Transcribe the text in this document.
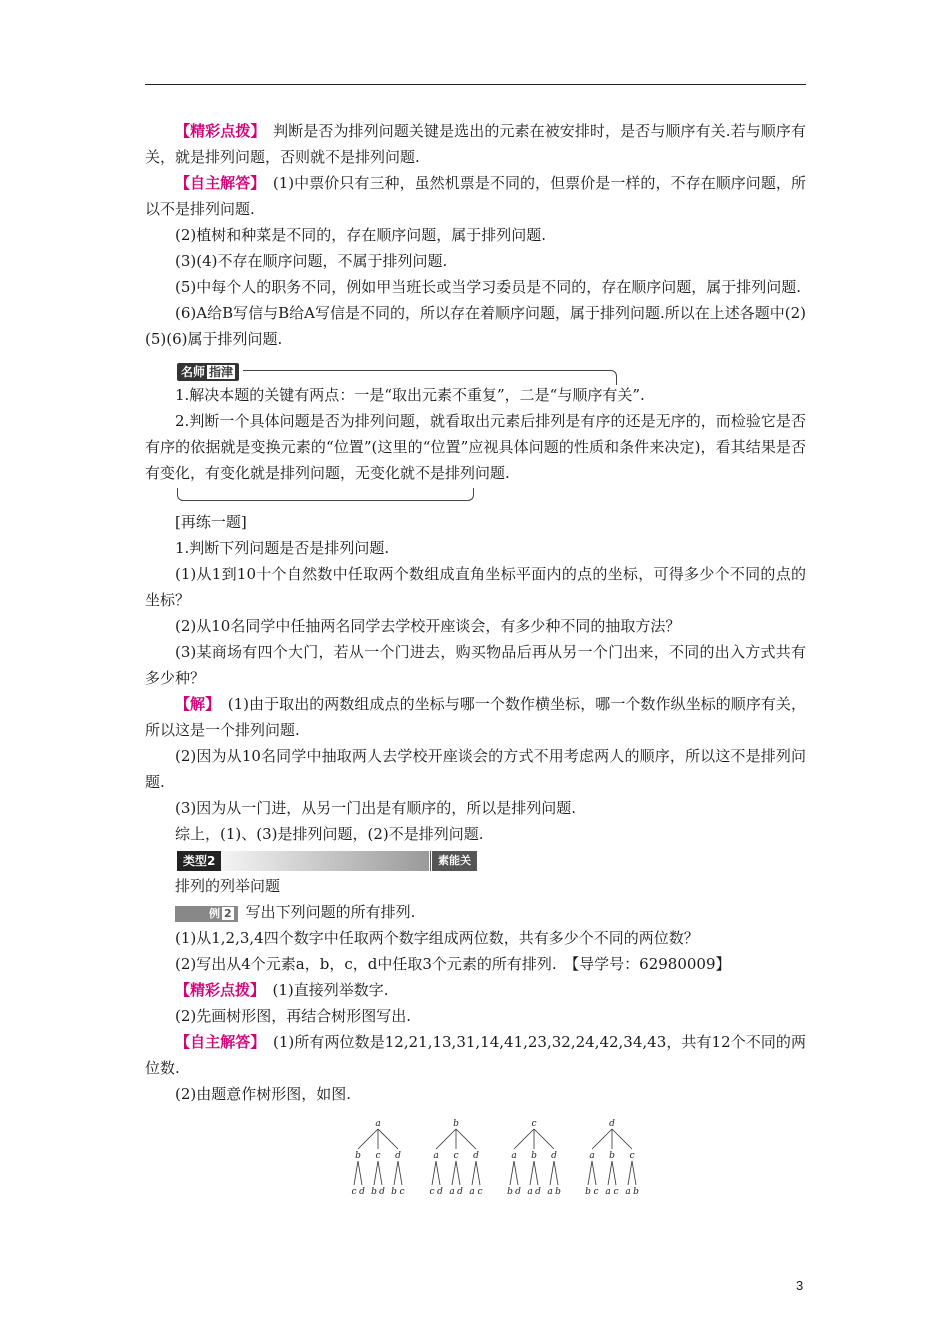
【精彩点拨】　判断是否为排列问题关键是选出的元素在被安排时，是否与顺序有关.若与顺序有关，就是排列问题，否则就不是排列问题.

【自主解答】　(1)中票价只有三种，虽然机票是不同的，但票价是一样的，不存在顺序问题，所以不是排列问题.

(2)植树和种菜是不同的，存在顺序问题，属于排列问题.

(3)(4)不存在顺序问题，不属于排列问题.

(5)中每个人的职务不同，例如甲当班长或当学习委员是不同的，存在顺序问题，属于排列问题.

(6)A给B写信与B给A写信是不同的，所以存在着顺序问题，属于排列问题.所以在上述各题中(2)(5)(6)属于排列问题.

名师 指津

1.解决本题的关键有两点：一是“取出元素不重复”，二是“与顺序有关”.

2.判断一个具体问题是否为排列问题，就看取出元素后排列是有序的还是无序的，而检验它是否有序的依据就是变换元素的“位置”(这里的“位置”应视具体问题的性质和条件来决定)，看其结果是否有变化，有变化就是排列问题，无变化就不是排列问题.

[再练一题]

1.判断下列问题是否是排列问题.

(1)从1到10十个自然数中任取两个数组成直角坐标平面内的点的坐标，可得多少个不同的点的坐标？

(2)从10名同学中任抽两名同学去学校开座谈会，有多少种不同的抽取方法？

(3)某商场有四个大门，若从一个门进去，购买物品后再从另一个门出来，不同的出入方式共有多少种？

【解】　(1)由于取出的两数组成点的坐标与哪一个数作横坐标，哪一个数作纵坐标的顺序有关，所以这是一个排列问题.

(2)因为从10名同学中抽取两人去学校开座谈会的方式不用考虑两人的顺序，所以这不是排列问题.

(3)因为从一门进，从另一门出是有顺序的，所以是排列问题.

综上，(1)、(3)是排列问题，(2)不是排列问题.

类型2	素能关

排列的列举问题

例 2 写出下列问题的所有排列.

(1)从1,2,3,4四个数字中任取两个数字组成两位数，共有多少个不同的两位数？

(2)写出从4个元素a，b，c，d中任取3个元素的所有排列.　【导学号：62980009】

【精彩点拨】　(1)直接列举数字.

(2)先画树形图，再结合树形图写出.

【自主解答】　(1)所有两位数是12,21,13,31,14,41,23,32,24,42,34,43，共有12个不同的两位数.

(2)由题意作树形图，如图.

a
b
c d
c
b d
d
b c
b
a
c d
c
a d
d
a c
c
a
b d
b
a d
d
a b
d
a
b c
b
a c
c
a b
3
